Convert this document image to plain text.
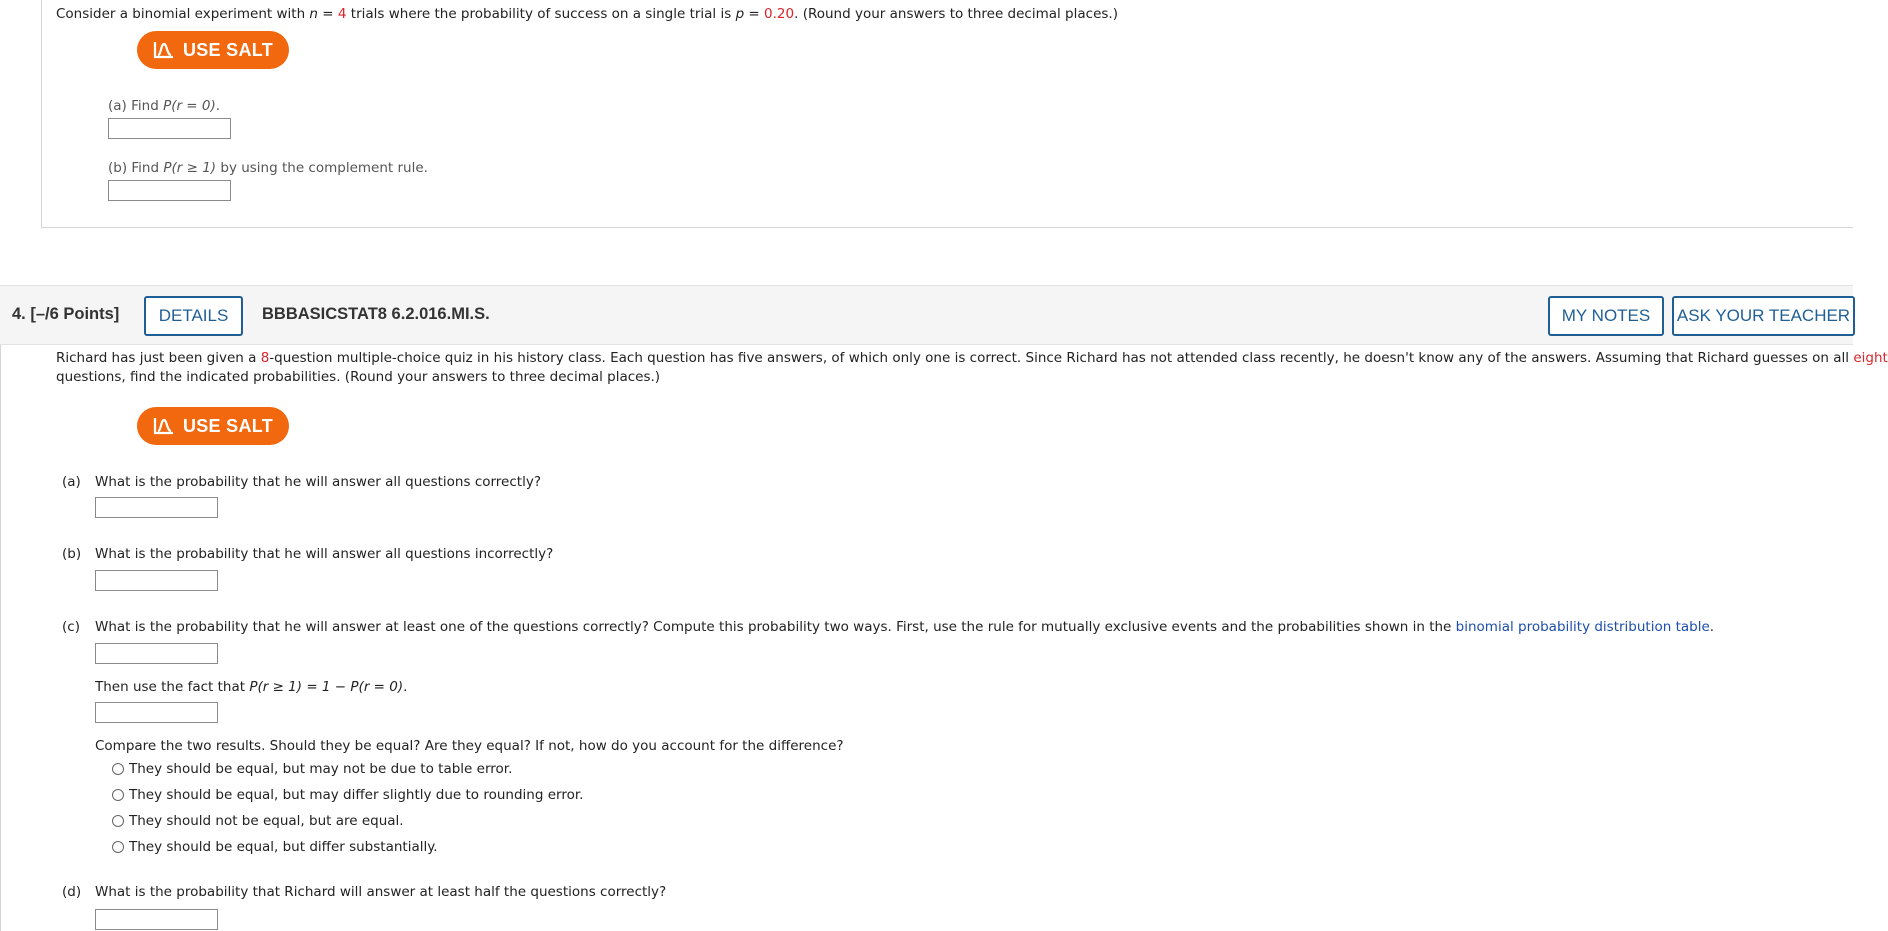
Consider a binomial experiment with n = 4 trials where the probability of success on a single trial is p = 0.20. (Round your answers to three decimal places.)
USE SALT
(a) Find P(r = 0).
(b) Find P(r ≥ 1) by using the complement rule.
4. [–/6 Points] DETAILS BBBASICSTAT8 6.2.016.MI.S.	MY NOTES ASK YOUR TEACHER
Richard has just been given a 8-question multiple-choice quiz in his history class. Each question has five answers, of which only one is correct. Since Richard has not attended class recently, he doesn't know any of the answers. Assuming that Richard guesses on all eight
questions, find the indicated probabilities. (Round your answers to three decimal places.)
USE SALT
(a) What is the probability that he will answer all questions correctly?
(b) What is the probability that he will answer all questions incorrectly?
(c) What is the probability that he will answer at least one of the questions correctly? Compute this probability two ways. First, use the rule for mutually exclusive events and the probabilities shown in the binomial probability distribution table.
Then use the fact that P(r ≥ 1) = 1 − P(r = 0).
Compare the two results. Should they be equal? Are they equal? If not, how do you account for the difference?
They should be equal, but may not be due to table error.
They should be equal, but may differ slightly due to rounding error.
They should not be equal, but are equal.
They should be equal, but differ substantially.
(d) What is the probability that Richard will answer at least half the questions correctly?
